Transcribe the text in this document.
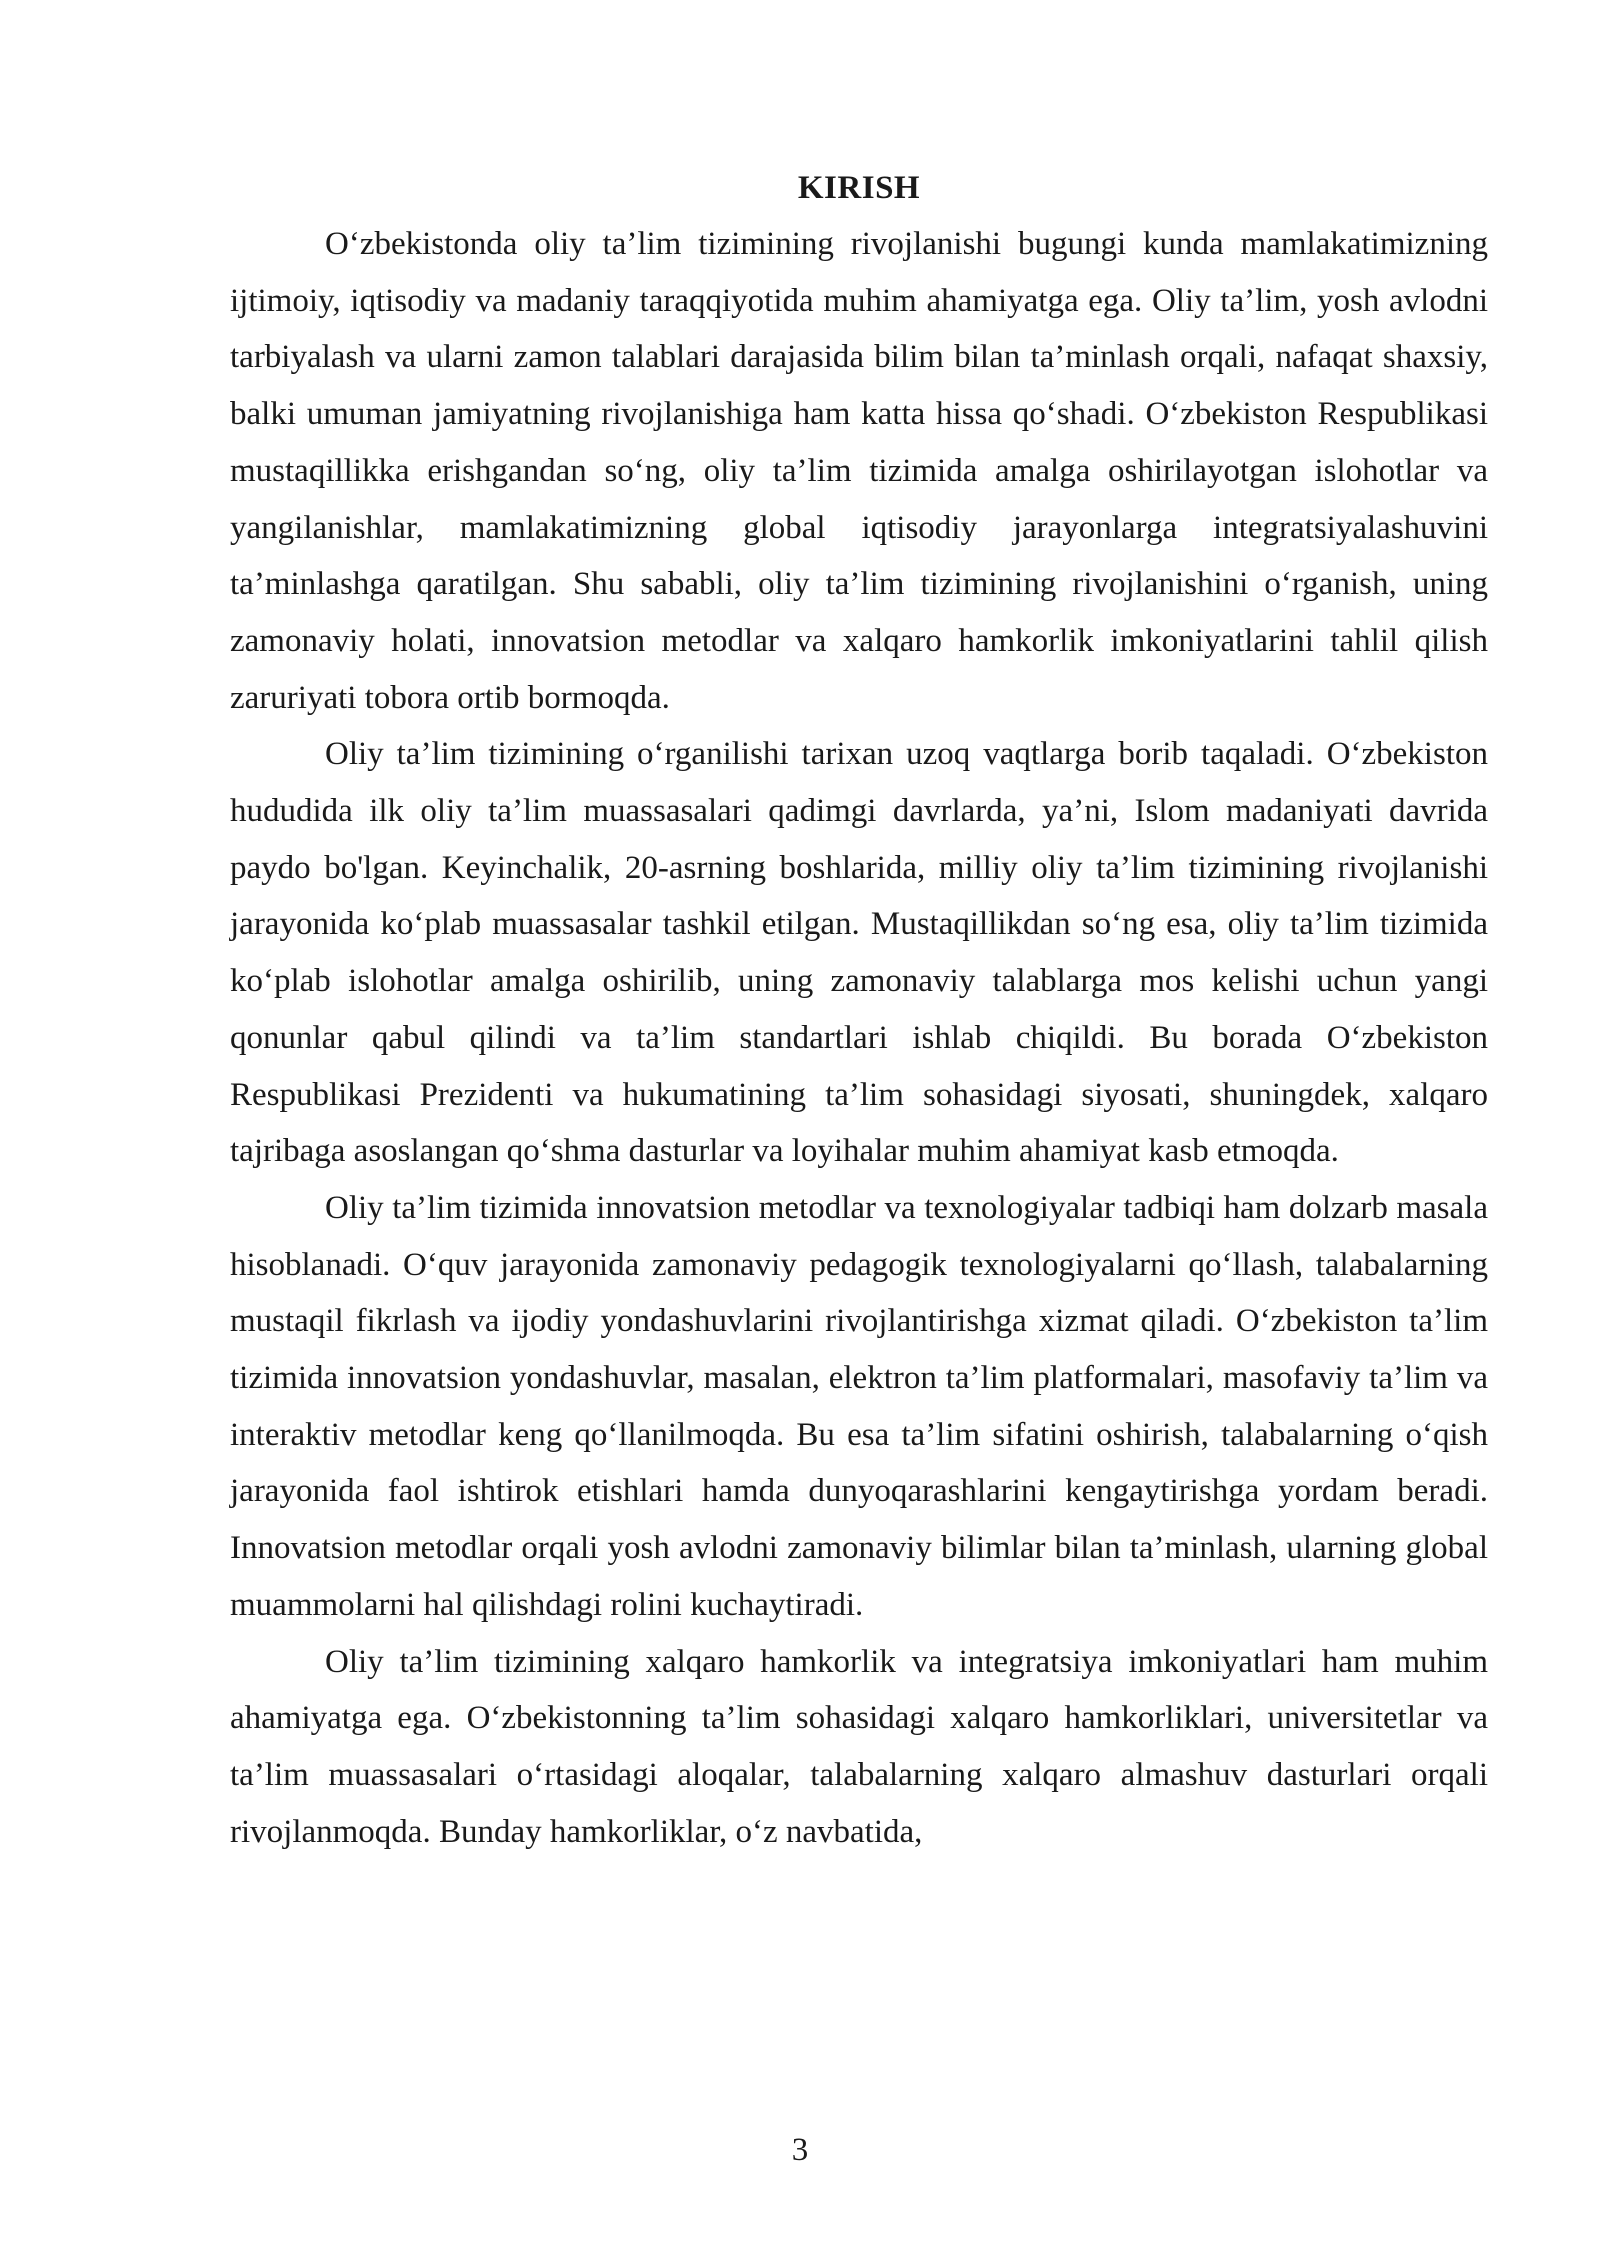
KIRISH

O‘zbekistonda oliy ta’lim tizimining rivojlanishi bugungi kunda mamlakatimizning ijtimoiy, iqtisodiy va madaniy taraqqiyotida muhim ahamiyatga ega. Oliy ta’lim, yosh avlodni tarbiyalash va ularni zamon talablari darajasida bilim bilan ta’minlash orqali, nafaqat shaxsiy, balki umuman jamiyatning rivojlanishiga ham katta hissa qo‘shadi. O‘zbekiston Respublikasi mustaqillikka erishgandan so‘ng, oliy ta’lim tizimida amalga oshirilayotgan islohotlar va yangilanishlar, mamlakatimizning global iqtisodiy jarayonlarga integratsiyalashuvini ta’minlashga qaratilgan. Shu sababli, oliy ta’lim tizimining rivojlanishini o‘rganish, uning zamonaviy holati, innovatsion metodlar va xalqaro hamkorlik imkoniyatlarini tahlil qilish zaruriyati tobora ortib bormoqda.

Oliy ta’lim tizimining o‘rganilishi tarixan uzoq vaqtlarga borib taqaladi. O‘zbekiston hududida ilk oliy ta’lim muassasalari qadimgi davrlarda, ya’ni, Islom madaniyati davrida paydo bo'lgan. Keyinchalik, 20-asrning boshlarida, milliy oliy ta’lim tizimining rivojlanishi jarayonida ko‘plab muassasalar tashkil etilgan. Mustaqillikdan so‘ng esa, oliy ta’lim tizimida ko‘plab islohotlar amalga oshirilib, uning zamonaviy talablarga mos kelishi uchun yangi qonunlar qabul qilindi va ta’lim standartlari ishlab chiqildi. Bu borada O‘zbekiston Respublikasi Prezidenti va hukumatining ta’lim sohasidagi siyosati, shuningdek, xalqaro tajribaga asoslangan qo‘shma dasturlar va loyihalar muhim ahamiyat kasb etmoqda.

Oliy ta’lim tizimida innovatsion metodlar va texnologiyalar tadbiqi ham dolzarb masala hisoblanadi. O‘quv jarayonida zamonaviy pedagogik texnologiyalarni qo‘llash, talabalarning mustaqil fikrlash va ijodiy yondashuvlarini rivojlantirishga xizmat qiladi. O‘zbekiston ta’lim tizimida innovatsion yondashuvlar, masalan, elektron ta’lim platformalari, masofaviy ta’lim va interaktiv metodlar keng qo‘llanilmoqda. Bu esa ta’lim sifatini oshirish, talabalarning o‘qish jarayonida faol ishtirok etishlari hamda dunyoqarashlarini kengaytirishga yordam beradi. Innovatsion metodlar orqali yosh avlodni zamonaviy bilimlar bilan ta’minlash, ularning global muammolarni hal qilishdagi rolini kuchaytiradi.

Oliy ta’lim tizimining xalqaro hamkorlik va integratsiya imkoniyatlari ham muhim ahamiyatga ega. O‘zbekistonning ta’lim sohasidagi xalqaro hamkorliklari, universitetlar va ta’lim muassasalari o‘rtasidagi aloqalar, talabalarning xalqaro almashuv dasturlari orqali rivojlanmoqda. Bunday hamkorliklar, o‘z navbatida,

3
